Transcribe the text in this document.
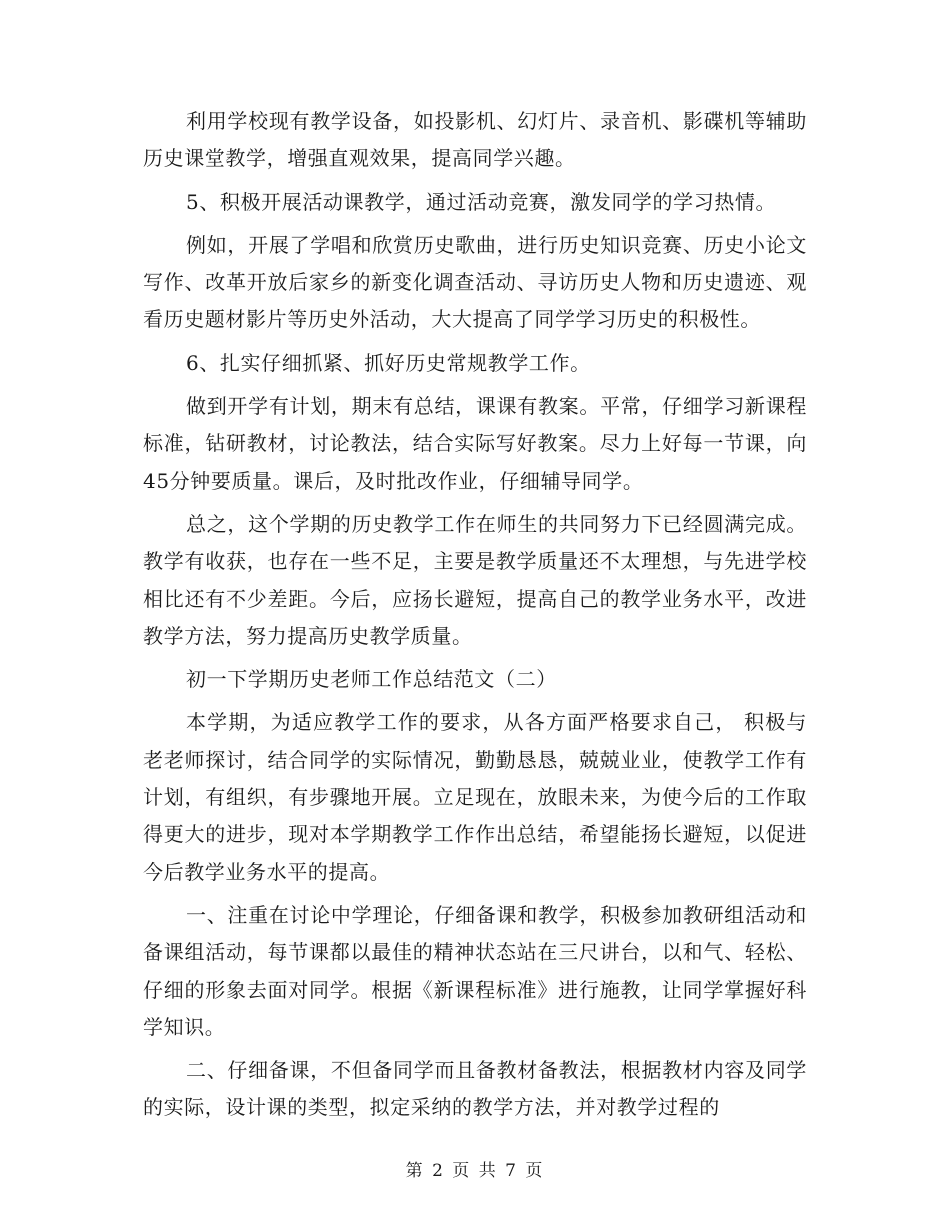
利用学校现有教学设备，如投影机、幻灯片、录音机、影碟机等辅助历史课堂教学，增强直观效果，提高同学兴趣。

5、积极开展活动课教学，通过活动竞赛，激发同学的学习热情。

例如，开展了学唱和欣赏历史歌曲，进行历史知识竞赛、历史小论文写作、改革开放后家乡的新变化调查活动、寻访历史人物和历史遗迹、观看历史题材影片等历史外活动，大大提高了同学学习历史的积极性。

6、扎实仔细抓紧、抓好历史常规教学工作。

做到开学有计划，期末有总结，课课有教案。平常，仔细学习新课程标准，钻研教材，讨论教法，结合实际写好教案。尽力上好每一节课，向45分钟要质量。课后，及时批改作业，仔细辅导同学。

总之，这个学期的历史教学工作在师生的共同努力下已经圆满完成。教学有收获，也存在一些不足，主要是教学质量还不太理想，与先进学校相比还有不少差距。今后，应扬长避短，提高自己的教学业务水平，改进教学方法，努力提高历史教学质量。

初一下学期历史老师工作总结范文（二）

本学期，为适应教学工作的要求，从各方面严格要求自己， 积极与老老师探讨，结合同学的实际情况，勤勤恳恳，兢兢业业，使教学工作有计划，有组织，有步骤地开展。立足现在，放眼未来，为使今后的工作取得更大的进步，现对本学期教学工作作出总结，希望能扬长避短，以促进今后教学业务水平的提高。

一、注重在讨论中学理论，仔细备课和教学，积极参加教研组活动和备课组活动，每节课都以最佳的精神状态站在三尺讲台，以和气、轻松、仔细的形象去面对同学。根据《新课程标准》进行施教，让同学掌握好科学知识。

二、仔细备课，不但备同学而且备教材备教法，根据教材内容及同学的实际，设计课的类型，拟定采纳的教学方法，并对教学过程的

第 2 页 共 7 页
